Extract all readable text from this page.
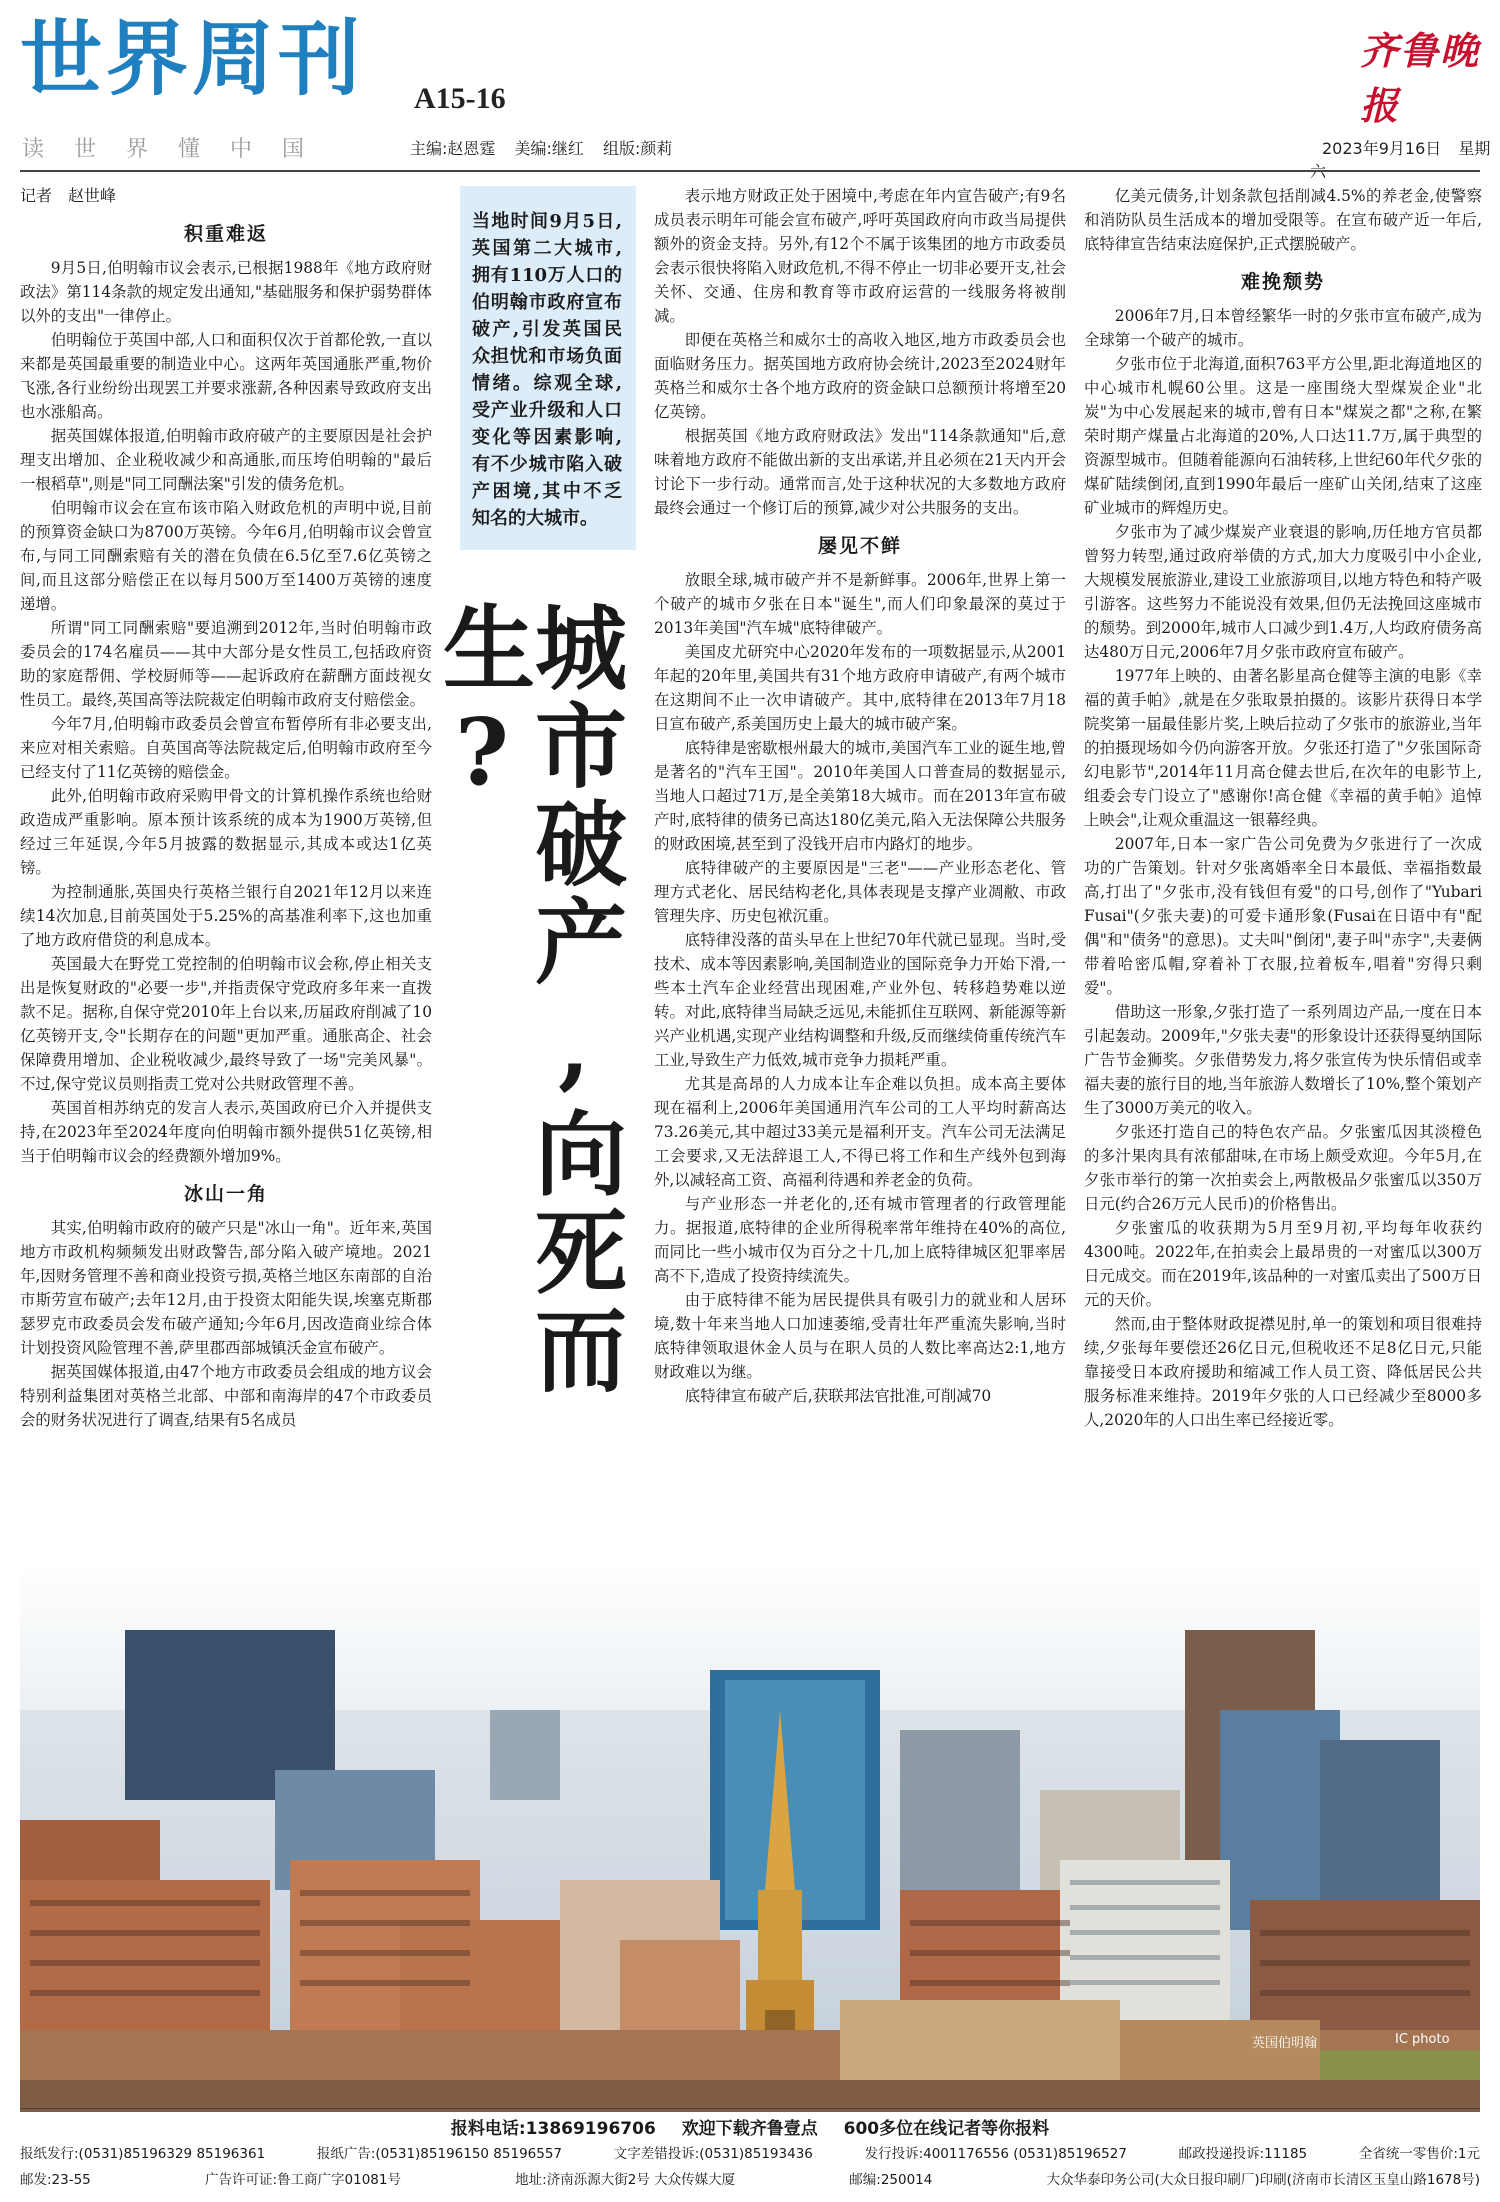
世界周刊 A15-16
读世界懂中国	主编:赵恩霆 美编:继红 组版:颜莉
齐鲁晚报
2023年9月16日 星期
记者　赵世峰
积重难返

9月5日,伯明翰市议会表示,已根据1988年《地方政府财政法》第114条款的规定发出通知,"基础服务和保护弱势群体以外的支出"一律停止。

伯明翰位于英国中部,人口和面积仅次于首都伦敦,一直以来都是英国最重要的制造业中心。这两年英国通胀严重,物价飞涨,各行业纷纷出现罢工并要求涨薪,各种因素导致政府支出也水涨船高。

据英国媒体报道,伯明翰市政府破产的主要原因是社会护理支出增加、企业税收减少和高通胀,而压垮伯明翰的"最后一根稻草",则是"同工同酬法案"引发的债务危机。

伯明翰市议会在宣布该市陷入财政危机的声明中说,目前的预算资金缺口为8700万英镑。今年6月,伯明翰市议会曾宣布,与同工同酬索赔有关的潜在负债在6.5亿至7.6亿英镑之间,而且这部分赔偿正在以每月500万至1400万英镑的速度递增。

所谓"同工同酬索赔"要追溯到2012年,当时伯明翰市政委员会的174名雇员——其中大部分是女性员工,包括政府资助的家庭帮佣、学校厨师等——起诉政府在薪酬方面歧视女性员工。最终,英国高等法院裁定伯明翰市政府支付赔偿金。

今年7月,伯明翰市政委员会曾宣布暂停所有非必要支出,来应对相关索赔。自英国高等法院裁定后,伯明翰市政府至今已经支付了11亿英镑的赔偿金。

此外,伯明翰市政府采购甲骨文的计算机操作系统也给财政造成严重影响。原本预计该系统的成本为1900万英镑,但经过三年延误,今年5月披露的数据显示,其成本或达1亿英镑。

为控制通胀,英国央行英格兰银行自2021年12月以来连续14次加息,目前英国处于5.25%的高基准利率下,这也加重了地方政府借贷的利息成本。

英国最大在野党工党控制的伯明翰市议会称,停止相关支出是恢复财政的"必要一步",并指责保守党政府多年来一直拨款不足。据称,自保守党2010年上台以来,历届政府削减了10亿英镑开支,令"长期存在的问题"更加严重。通胀高企、社会保障费用增加、企业税收减少,最终导致了一场"完美风暴"。不过,保守党议员则指责工党对公共财政管理不善。

英国首相苏纳克的发言人表示,英国政府已介入并提供支持,在2023年至2024年度向伯明翰市额外提供51亿英镑,相当于伯明翰市议会的经费额外增加9%。

冰山一角

其实,伯明翰市政府的破产只是"冰山一角"。近年来,英国地方市政机构频频发出财政警告,部分陷入破产境地。2021年,因财务管理不善和商业投资亏损,英格兰地区东南部的自治市斯劳宣布破产;去年12月,由于投资太阳能失误,埃塞克斯郡瑟罗克市政委员会发布破产通知;今年6月,因改造商业综合体计划投资风险管理不善,萨里郡西部城镇沃金宣布破产。

据英国媒体报道,由47个地方市政委员会组成的地方议会特别利益集团对英格兰北部、中部和南海岸的47个市政委员会的财务状况进行了调查,结果有5名成员

当地时间9月5日,英国第二大城市,拥有110万人口的伯明翰市政府宣布破产,引发英国民众担忧和市场负面情绪。综观全球,受产业升级和人口变化等因素影响,有不少城市陷入破产困境,其中不乏知名的大城市。
城市破产,向死而生?

表示地方财政正处于困境中,考虑在年内宣告破产;有9名成员表示明年可能会宣布破产,呼吁英国政府向市政当局提供额外的资金支持。另外,有12个不属于该集团的地方市政委员会表示很快将陷入财政危机,不得不停止一切非必要开支,社会关怀、交通、住房和教育等市政府运营的一线服务将被削减。

即便在英格兰和威尔士的高收入地区,地方市政委员会也面临财务压力。据英国地方政府协会统计,2023至2024财年英格兰和威尔士各个地方政府的资金缺口总额预计将增至20亿英镑。

根据英国《地方政府财政法》发出"114条款通知"后,意味着地方政府不能做出新的支出承诺,并且必须在21天内开会讨论下一步行动。通常而言,处于这种状况的大多数地方政府最终会通过一个修订后的预算,减少对公共服务的支出。

屡见不鲜

放眼全球,城市破产并不是新鲜事。2006年,世界上第一个破产的城市夕张在日本"诞生",而人们印象最深的莫过于2013年美国"汽车城"底特律破产。

美国皮尤研究中心2020年发布的一项数据显示,从2001年起的20年里,美国共有31个地方政府申请破产,有两个城市在这期间不止一次申请破产。其中,底特律在2013年7月18日宣布破产,系美国历史上最大的城市破产案。

底特律是密歇根州最大的城市,美国汽车工业的诞生地,曾是著名的"汽车王国"。2010年美国人口普查局的数据显示,当地人口超过71万,是全美第18大城市。而在2013年宣布破产时,底特律的债务已高达180亿美元,陷入无法保障公共服务的财政困境,甚至到了没钱开启市内路灯的地步。

底特律破产的主要原因是"三老"——产业形态老化、管理方式老化、居民结构老化,具体表现是支撑产业凋敝、市政管理失序、历史包袱沉重。

底特律没落的苗头早在上世纪70年代就已显现。当时,受技术、成本等因素影响,美国制造业的国际竞争力开始下滑,一些本土汽车企业经营出现困难,产业外包、转移趋势难以逆转。对此,底特律当局缺乏远见,未能抓住互联网、新能源等新兴产业机遇,实现产业结构调整和升级,反而继续倚重传统汽车工业,导致生产力低效,城市竞争力损耗严重。

尤其是高昂的人力成本让车企难以负担。成本高主要体现在福利上,2006年美国通用汽车公司的工人平均时薪高达73.26美元,其中超过33美元是福利开支。汽车公司无法满足工会要求,又无法辞退工人,不得已将工作和生产线外包到海外,以减轻高工资、高福利待遇和养老金的负荷。

与产业形态一并老化的,还有城市管理者的行政管理能力。据报道,底特律的企业所得税率常年维持在40%的高位,而同比一些小城市仅为百分之十几,加上底特律城区犯罪率居高不下,造成了投资持续流失。

由于底特律不能为居民提供具有吸引力的就业和人居环境,数十年来当地人口加速萎缩,受青壮年严重流失影响,当时底特律领取退休金人员与在职人员的人数比率高达2:1,地方财政难以为继。

底特律宣布破产后,获联邦法官批准,可削减70

亿美元债务,计划条款包括削减4.5%的养老金,使警察和消防队员生活成本的增加受限等。在宣布破产近一年后,底特律宣告结束法庭保护,正式摆脱破产。

难挽颓势

2006年7月,日本曾经繁华一时的夕张市宣布破产,成为全球第一个破产的城市。

夕张市位于北海道,面积763平方公里,距北海道地区的中心城市札幌60公里。这是一座围绕大型煤炭企业"北炭"为中心发展起来的城市,曾有日本"煤炭之都"之称,在繁荣时期产煤量占北海道的20%,人口达11.7万,属于典型的资源型城市。但随着能源向石油转移,上世纪60年代夕张的煤矿陆续倒闭,直到1990年最后一座矿山关闭,结束了这座矿业城市的辉煌历史。

夕张市为了减少煤炭产业衰退的影响,历任地方官员都曾努力转型,通过政府举债的方式,加大力度吸引中小企业,大规模发展旅游业,建设工业旅游项目,以地方特色和特产吸引游客。这些努力不能说没有效果,但仍无法挽回这座城市的颓势。到2000年,城市人口减少到1.4万,人均政府债务高达480万日元,2006年7月夕张市政府宣布破产。

1977年上映的、由著名影星高仓健等主演的电影《幸福的黄手帕》,就是在夕张取景拍摄的。该影片获得日本学院奖第一届最佳影片奖,上映后拉动了夕张市的旅游业,当年的拍摄现场如今仍向游客开放。夕张还打造了"夕张国际奇幻电影节",2014年11月高仓健去世后,在次年的电影节上,组委会专门设立了"感谢你!高仓健《幸福的黄手帕》追悼上映会",让观众重温这一银幕经典。

2007年,日本一家广告公司免费为夕张进行了一次成功的广告策划。针对夕张离婚率全日本最低、幸福指数最高,打出了"夕张市,没有钱但有爱"的口号,创作了"Yubari Fusai"(夕张夫妻)的可爱卡通形象(Fusai在日语中有"配偶"和"债务"的意思)。丈夫叫"倒闭",妻子叫"赤字",夫妻俩带着哈密瓜帽,穿着补丁衣服,拉着板车,唱着"穷得只剩爱"。

借助这一形象,夕张打造了一系列周边产品,一度在日本引起轰动。2009年,"夕张夫妻"的形象设计还获得戛纳国际广告节金狮奖。夕张借势发力,将夕张宣传为快乐情侣或幸福夫妻的旅行目的地,当年旅游人数增长了10%,整个策划产生了3000万美元的收入。

夕张还打造自己的特色农产品。夕张蜜瓜因其淡橙色的多汁果肉具有浓郁甜味,在市场上颇受欢迎。今年5月,在夕张市举行的第一次拍卖会上,两散极品夕张蜜瓜以350万日元(约合26万元人民币)的价格售出。

夕张蜜瓜的收获期为5月至9月初,平均每年收获约4300吨。2022年,在拍卖会上最昂贵的一对蜜瓜以300万日元成交。而在2019年,该品种的一对蜜瓜卖出了500万日元的天价。

然而,由于整体财政捉襟见肘,单一的策划和项目很难持续,夕张每年要偿还26亿日元,但税收还不足8亿日元,只能靠接受日本政府援助和缩减工作人员工资、降低居民公共服务标准来维持。2019年夕张的人口已经减少至8000多人,2020年的人口出生率已经接近零。

英国伯明翰	IC photo
报料电话:13869196706 欢迎下载齐鲁壹点 600多位在线记者等你报料
报纸发行:(0531)85196329 85196361	报纸广告:(0531)85196150 85196557	文字差错投诉:(0531)85193436	发行投诉:4001176556 (0531)85196527	邮政投递投诉:11185	全省统一零售价:1元
邮发:23-55	广告许可证:鲁工商广字01081号	地址:济南泺源大街2号 大众传媒大厦	邮编:250014	大众华泰印务公司(大众日报印刷厂)印刷(济南市长清区玉皇山路1678号)
